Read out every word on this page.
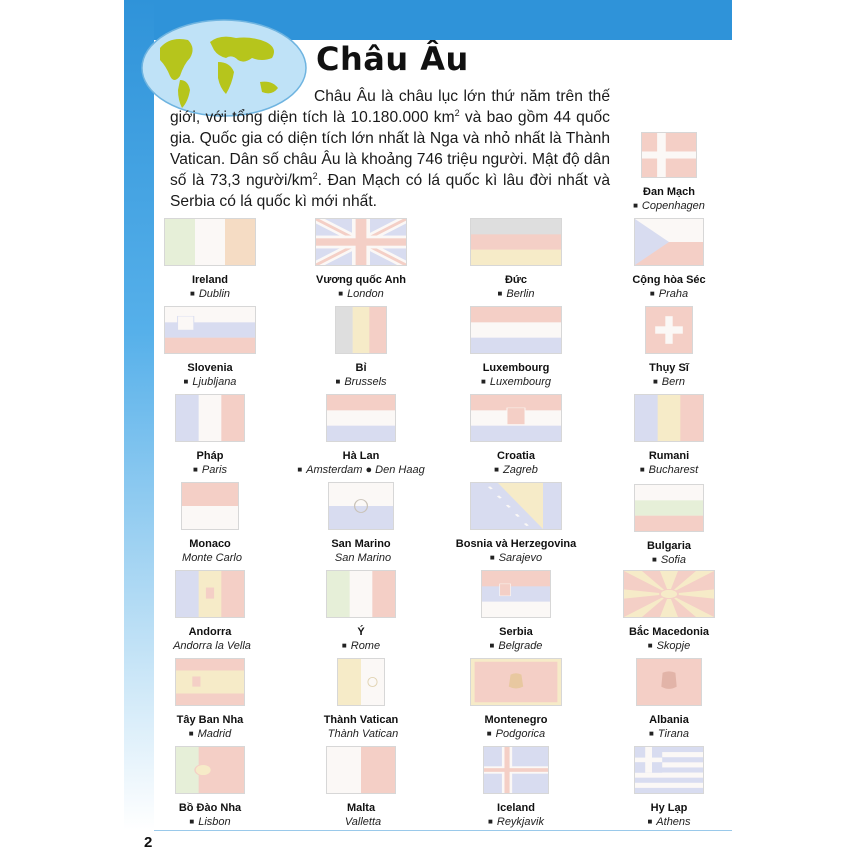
Châu Âu

Châu Âu là châu lục lớn thứ năm trên thế giới, với tổng diện tích là 10.180.000 $km^2$ và bao gồm 44 quốc gia. Quốc gia có diện tích lớn nhất là Nga và nhỏ nhất là Thành Vatican. Dân số châu Âu là khoảng 746 triệu người. Mật độ dân số là 73,3 người/$km^2$. Đan Mạch có lá quốc kì lâu đời nhất và Serbia có lá quốc kì mới nhất.

Đan Mạch
■ Copenhagen
Ireland
■ Dublin
Vương quốc Anh
■ London
Đức
■ Berlin
Cộng hòa Séc
■ Praha
Slovenia
■ Ljubljana
Bỉ
■ Brussels
Luxembourg
■ Luxembourg
Thụy Sĩ
■ Bern
Pháp
■ Paris
Hà Lan
■ Amsterdam ● Den Haag
Croatia
■ Zagreb
Rumani
■ Bucharest
Monaco
Monte Carlo
San Marino
San Marino
Bosnia và Herzegovina
■ Sarajevo
Bulgaria
■ Sofia
Andorra
Andorra la Vella
Ý
■ Rome
Serbia
■ Belgrade
Bắc Macedonia
■ Skopje
Tây Ban Nha
■ Madrid
Thành Vatican
Thành Vatican
Montenegro
■ Podgorica
Albania
■ Tirana
Bồ Đào Nha
■ Lisbon
Malta
Valletta
Iceland
■ Reykjavik
Hy Lạp
■ Athens
2
